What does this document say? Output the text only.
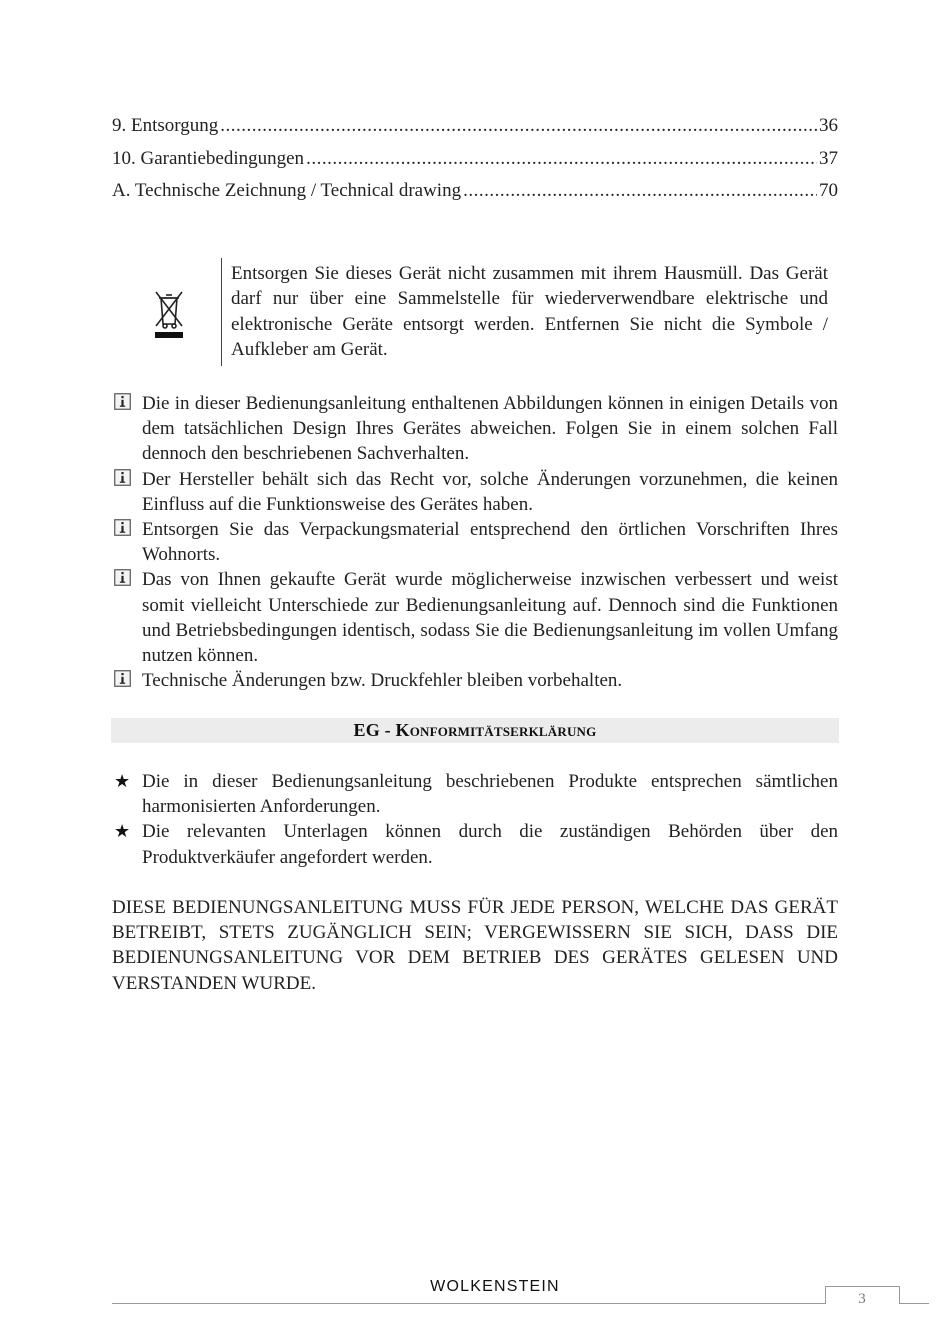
9. Entsorgung .....	36
10. Garantiebedingungen .....	37
A. Technische Zeichnung / Technical drawing .....	70
Entsorgen Sie dieses Gerät nicht zusammen mit ihrem Hausmüll. Das Gerät darf nur über eine Sammelstelle für wiederverwendbare elektrische und elektronische Geräte entsorgt werden. Entfernen Sie nicht die Symbole / Aufkleber am Gerät.
Die in dieser Bedienungsanleitung enthaltenen Abbildungen können in einigen Details von dem tatsächlichen Design Ihres Gerätes abweichen. Folgen Sie in einem solchen Fall dennoch den beschriebenen Sachverhalten.
Der Hersteller behält sich das Recht vor, solche Änderungen vorzunehmen, die keinen Einfluss auf die Funktionsweise des Gerätes haben.
Entsorgen Sie das Verpackungsmaterial entsprechend den örtlichen Vorschriften Ihres Wohnorts.
Das von Ihnen gekaufte Gerät wurde möglicherweise inzwischen verbessert und weist somit vielleicht Unterschiede zur Bedienungsanleitung auf. Dennoch sind die Funktionen und Betriebsbedingungen identisch, sodass Sie die Bedienungsanleitung im vollen Umfang nutzen können.
Technische Änderungen bzw. Druckfehler bleiben vorbehalten.
EG - Konformitätserklärung
★ Die in dieser Bedienungsanleitung beschriebenen Produkte entsprechen sämtlichen harmonisierten Anforderungen.
★ Die relevanten Unterlagen können durch die zuständigen Behörden über den Produktverkäufer angefordert werden.
DIESE BEDIENUNGSANLEITUNG MUSS FÜR JEDE PERSON, WELCHE DAS GERÄT BETREIBT, STETS ZUGÄNGLICH SEIN; VERGEWISSERN SIE SICH, DASS DIE BEDIENUNGSANLEITUNG VOR DEM BETRIEB DES GERÄTES GELESEN UND VERSTANDEN WURDE.
WOLKENSTEIN
3
